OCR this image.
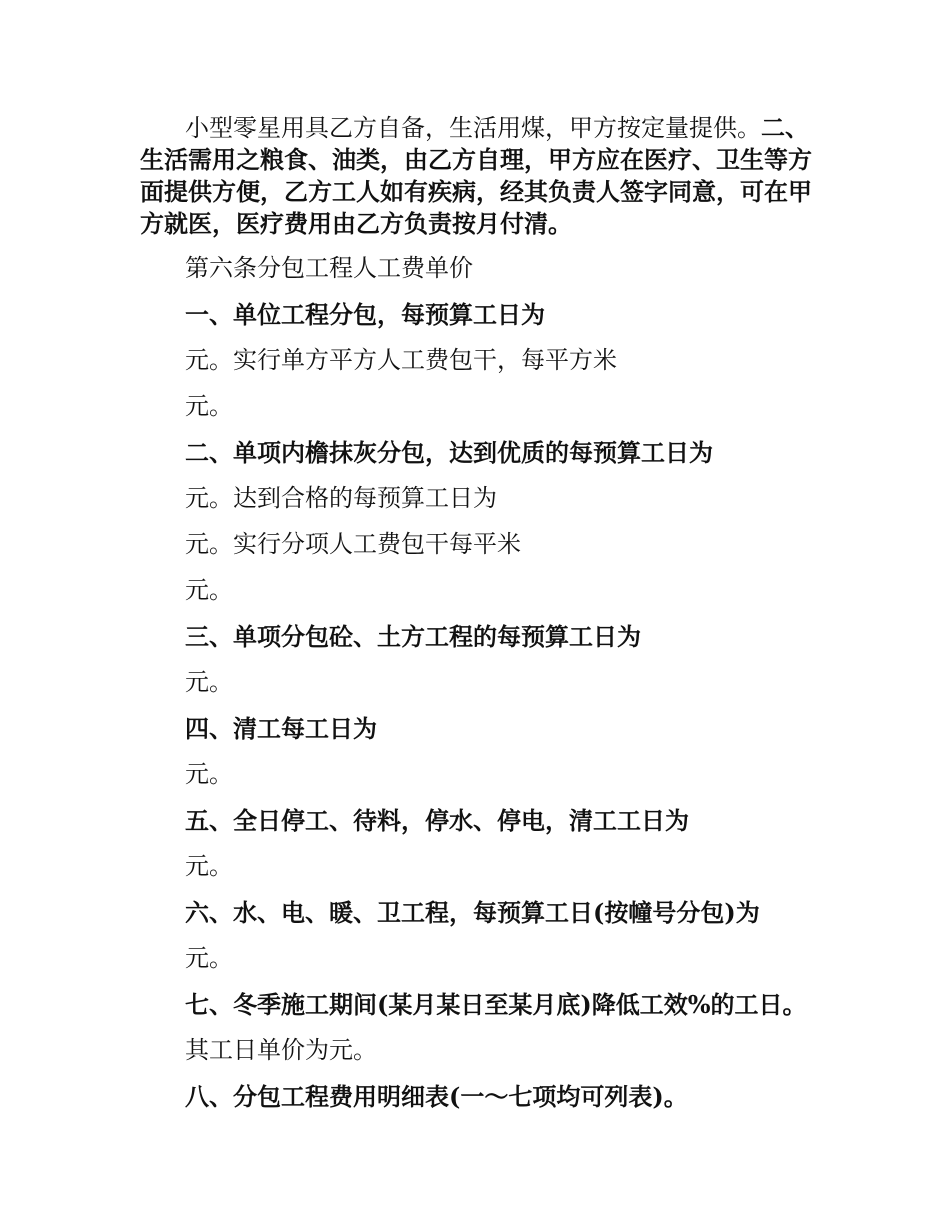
小型零星用具乙方自备，生活用煤，甲方按定量提供。二、生活需用之粮食、油类，由乙方自理，甲方应在医疗、卫生等方面提供方便，乙方工人如有疾病，经其负责人签字同意，可在甲方就医，医疗费用由乙方负责按月付清。

第六条分包工程人工费单价

一、单位工程分包，每预算工日为

元。实行单方平方人工费包干，每平方米

元。

二、单项内檐抹灰分包，达到优质的每预算工日为

元。达到合格的每预算工日为

元。实行分项人工费包干每平米

元。

三、单项分包砼、土方工程的每预算工日为

元。

四、清工每工日为

元。

五、全日停工、待料，停水、停电，清工工日为

元。

六、水、电、暖、卫工程，每预算工日(按幢号分包)为

元。

七、冬季施工期间(某月某日至某月底)降低工效%的工日。

其工日单价为元。

八、分包工程费用明细表(一～七项均可列表)。
